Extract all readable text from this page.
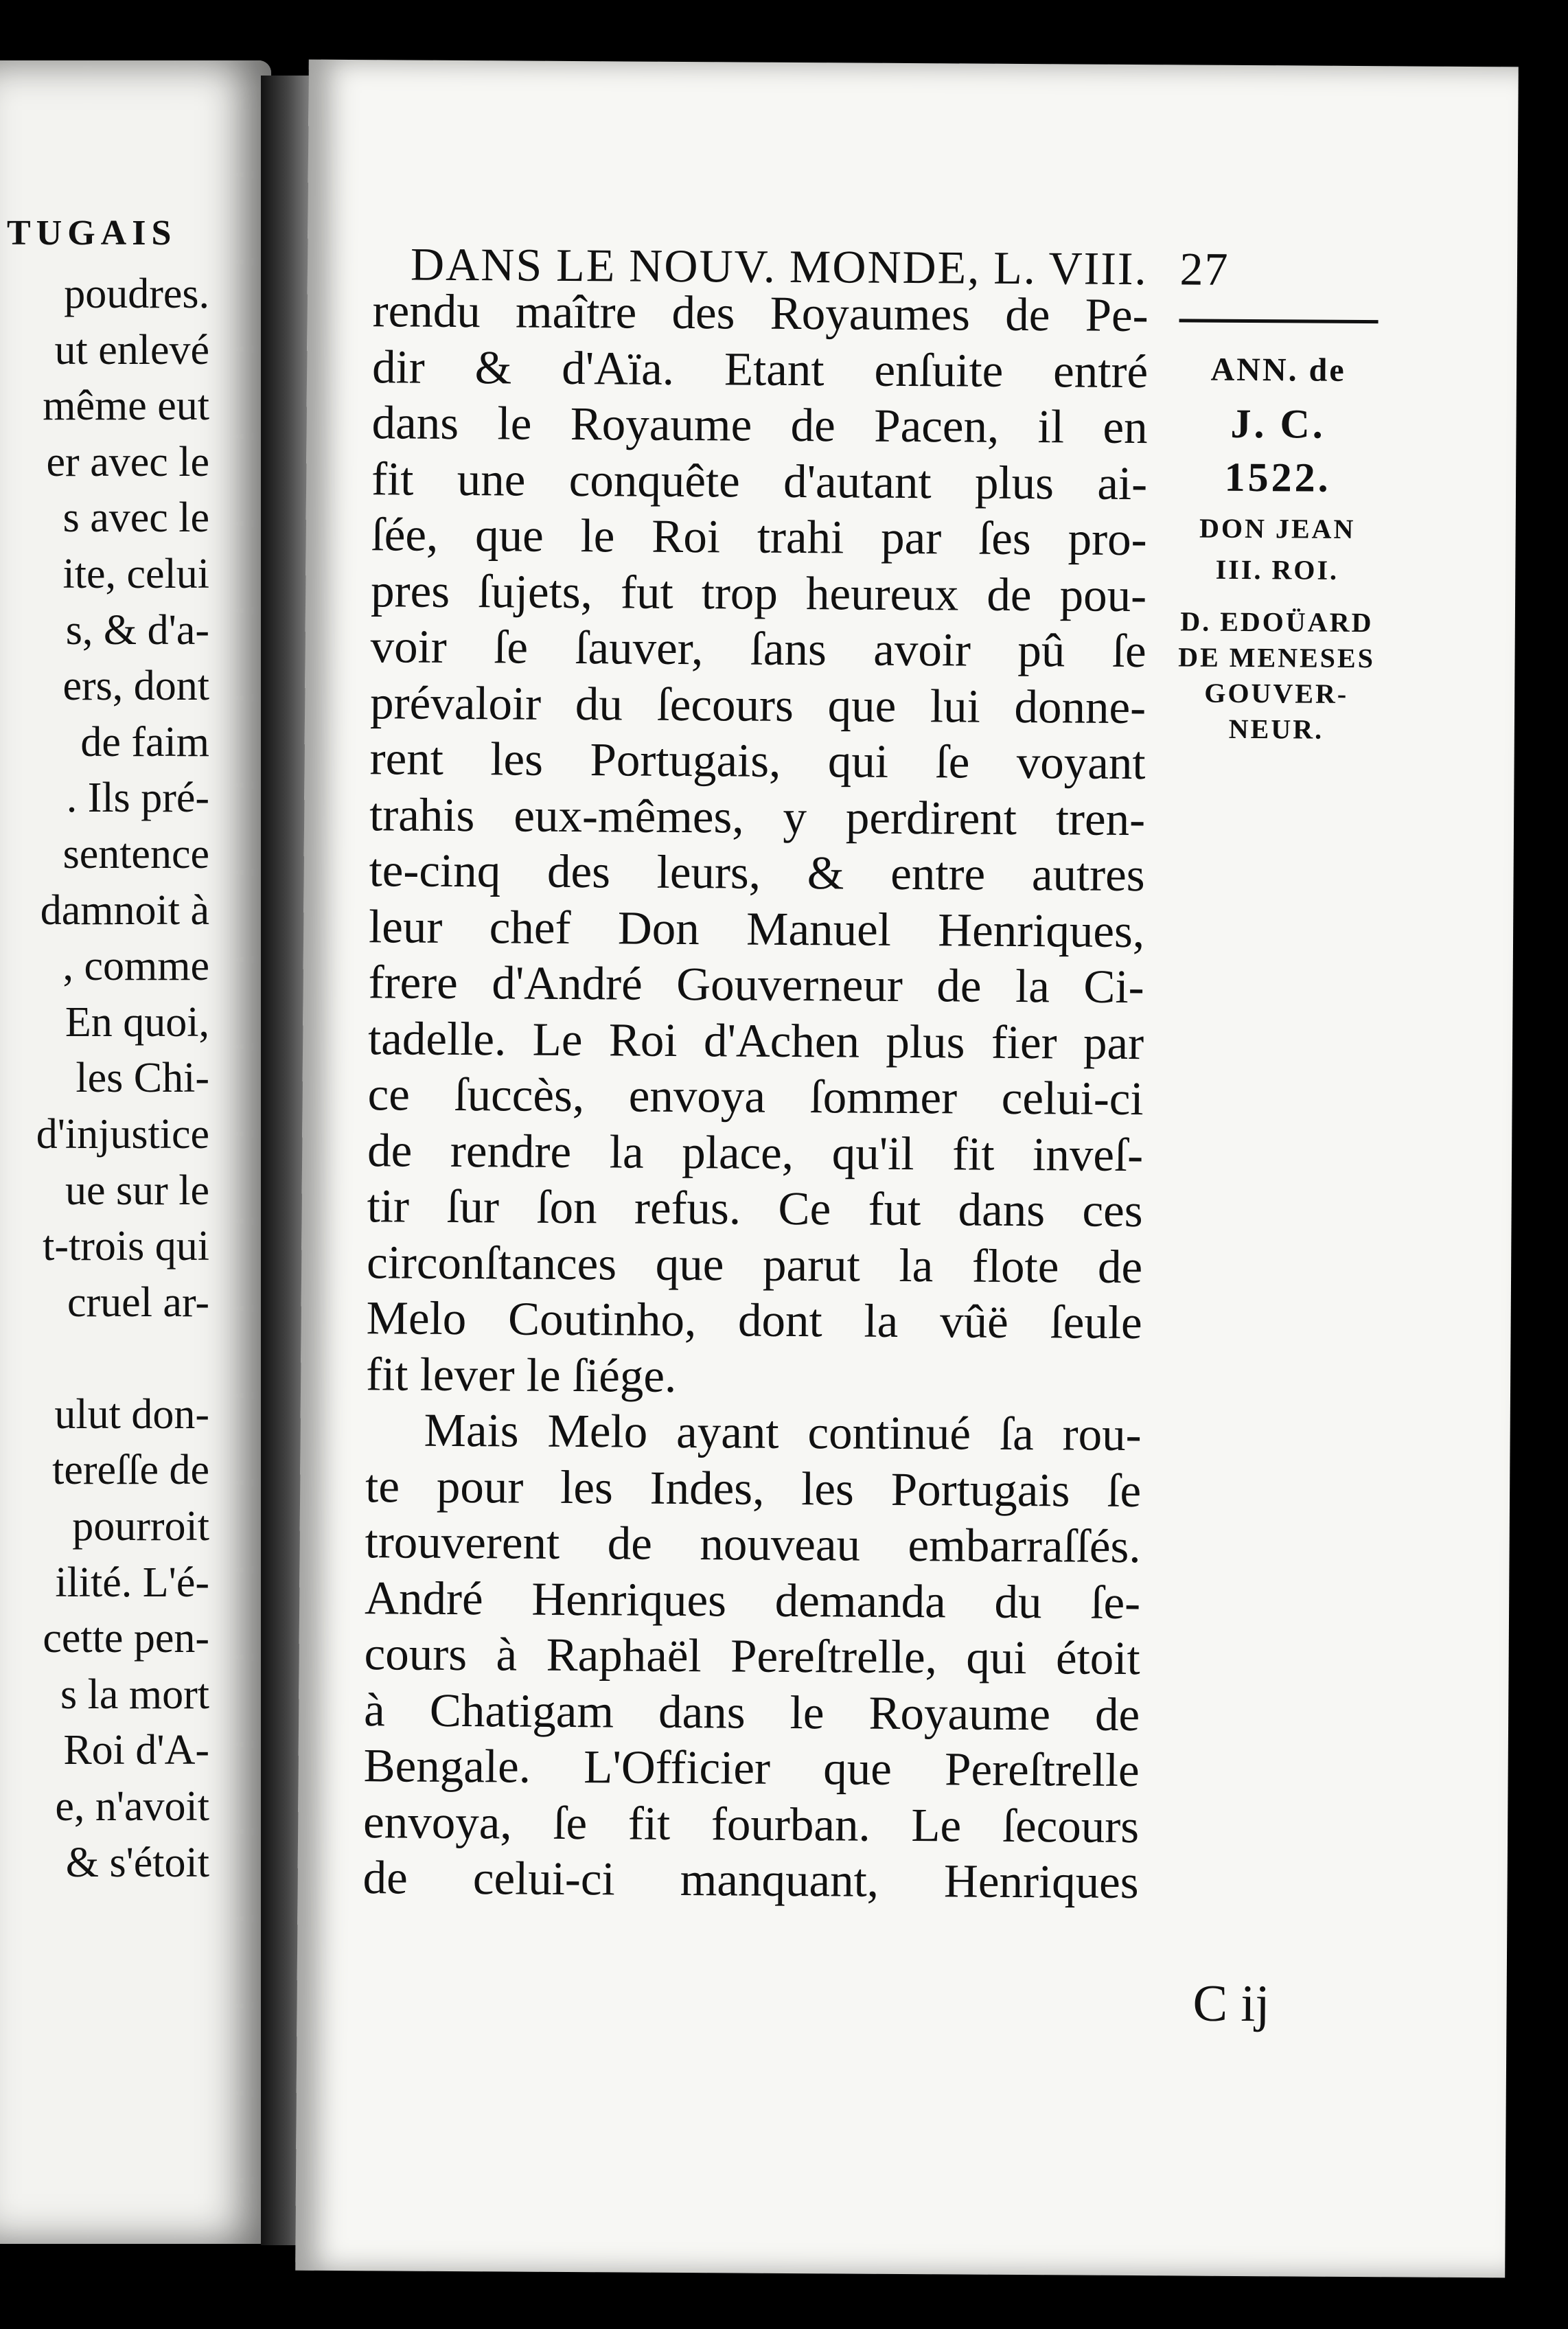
TUGAIS
poudres.
ut enlevé
même eut
er avec le
s avec le
ite, celui
s, & d'a-
ers, dont
de faim
. Ils pré-
sentence
damnoit à
, comme
En quoi,
les Chi-
d'injustice
ue sur le
t-trois qui
cruel ar-

ulut don-
tereſſe de
pourroit
ilité. L'é-
cette pen-
s la mort
Roi d'A-
e, n'avoit
& s'étoit
DANS LE NOUV. MONDE, L. VIII. 27
rendu maître des Royaumes de Pe-
dir & d'Aïa. Etant enſuite entré
dans le Royaume de Pacen, il en
fit une conquête d'autant plus ai-
ſée, que le Roi trahi par ſes pro-
pres ſujets, fut trop heureux de pou-
voir ſe ſauver, ſans avoir pû ſe
prévaloir du ſecours que lui donne-
rent les Portugais, qui ſe voyant
trahis eux-mêmes, y perdirent tren-
te-cinq des leurs, & entre autres
leur chef Don Manuel Henriques,
frere d'André Gouverneur de la Ci-
tadelle. Le Roi d'Achen plus fier par
ce ſuccès, envoya ſommer celui-ci
de rendre la place, qu'il fit inveſ-
tir ſur ſon refus. Ce fut dans ces
circonſtances que parut la flote de
Melo Coutinho, dont la vûë ſeule
fit lever le ſiége.
Mais Melo ayant continué ſa rou-
te pour les Indes, les Portugais ſe
trouverent de nouveau embarraſſés.
André Henriques demanda du ſe-
cours à Raphaël Pereſtrelle, qui étoit
à Chatigam dans le Royaume de
Bengale. L'Officier que Pereſtrelle
envoya, ſe fit fourban. Le ſecours
de celui-ci manquant, Henriques
ANN. de
J. C.
1522.
DON JEAN
III. ROI.
D. EDOÜARD
DE MENESES
GOUVER-
NEUR.
C ij
